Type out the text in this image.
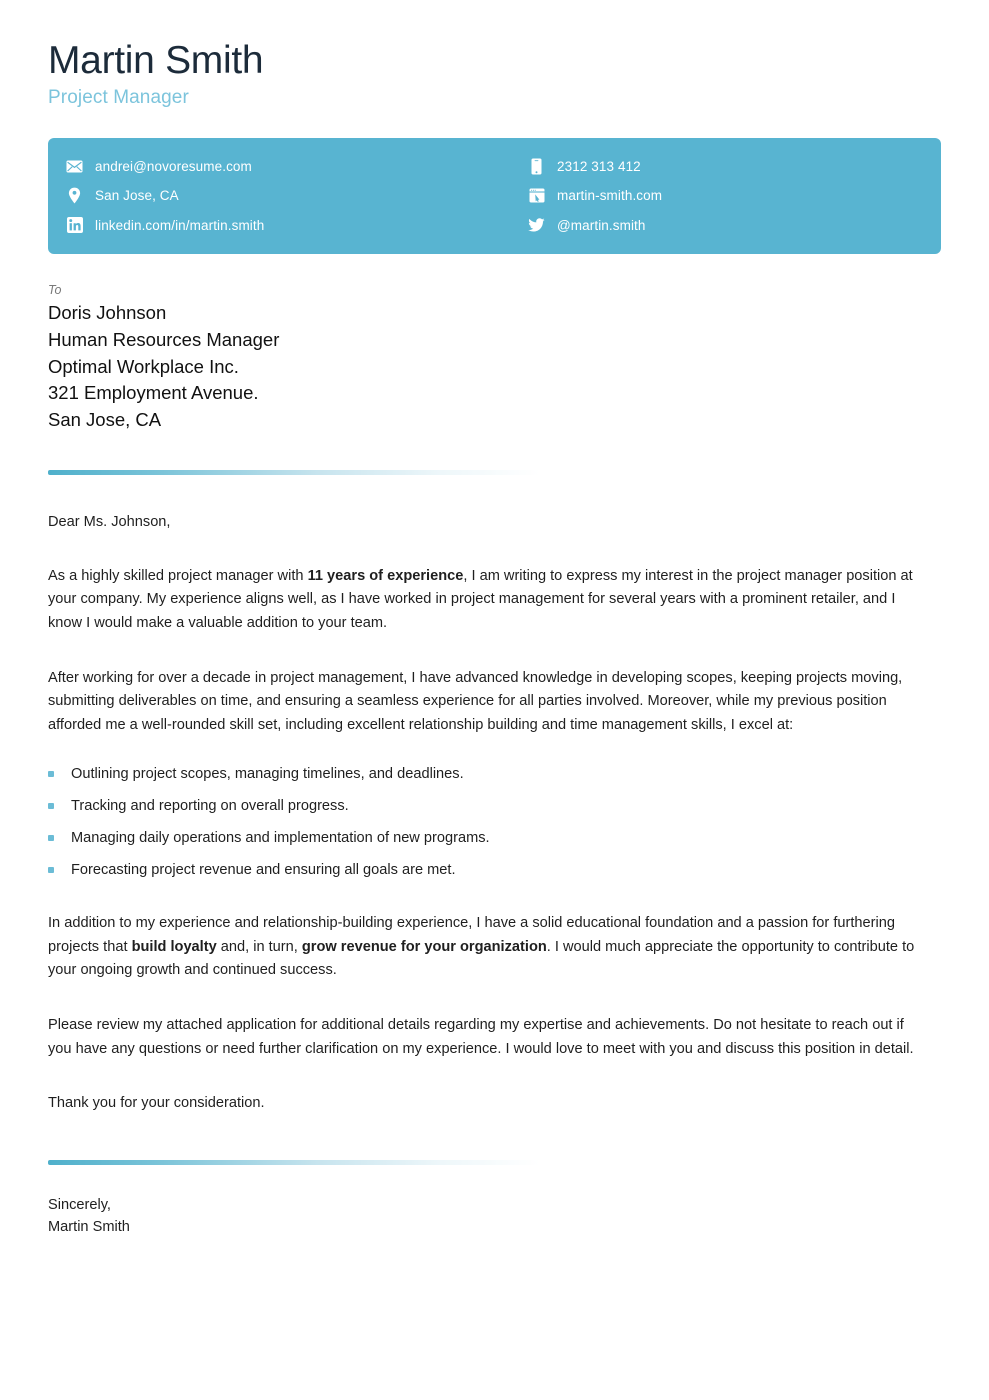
Martin Smith
Project Manager
andrei@novoresume.com
San Jose, CA
linkedin.com/in/martin.smith
2312 313 412
martin-smith.com
@martin.smith
To
Doris Johnson
Human Resources Manager
Optimal Workplace Inc.
321 Employment Avenue.
San Jose, CA
Dear Ms. Johnson,

As a highly skilled project manager with 11 years of experience, I am writing to express my interest in the project manager position at your company. My experience aligns well, as I have worked in project management for several years with a prominent retailer, and I know I would make a valuable addition to your team.

After working for over a decade in project management, I have advanced knowledge in developing scopes, keeping projects moving, submitting deliverables on time, and ensuring a seamless experience for all parties involved. Moreover, while my previous position afforded me a well-rounded skill set, including excellent relationship building and time management skills, I excel at:

Outlining project scopes, managing timelines, and deadlines.
Tracking and reporting on overall progress.
Managing daily operations and implementation of new programs.
Forecasting project revenue and ensuring all goals are met.

In addition to my experience and relationship-building experience, I have a solid educational foundation and a passion for furthering projects that build loyalty and, in turn, grow revenue for your organization. I would much appreciate the opportunity to contribute to your ongoing growth and continued success.

Please review my attached application for additional details regarding my expertise and achievements. Do not hesitate to reach out if you have any questions or need further clarification on my experience. I would love to meet with you and discuss this position in detail.

Thank you for your consideration.

Sincerely,
Martin Smith
